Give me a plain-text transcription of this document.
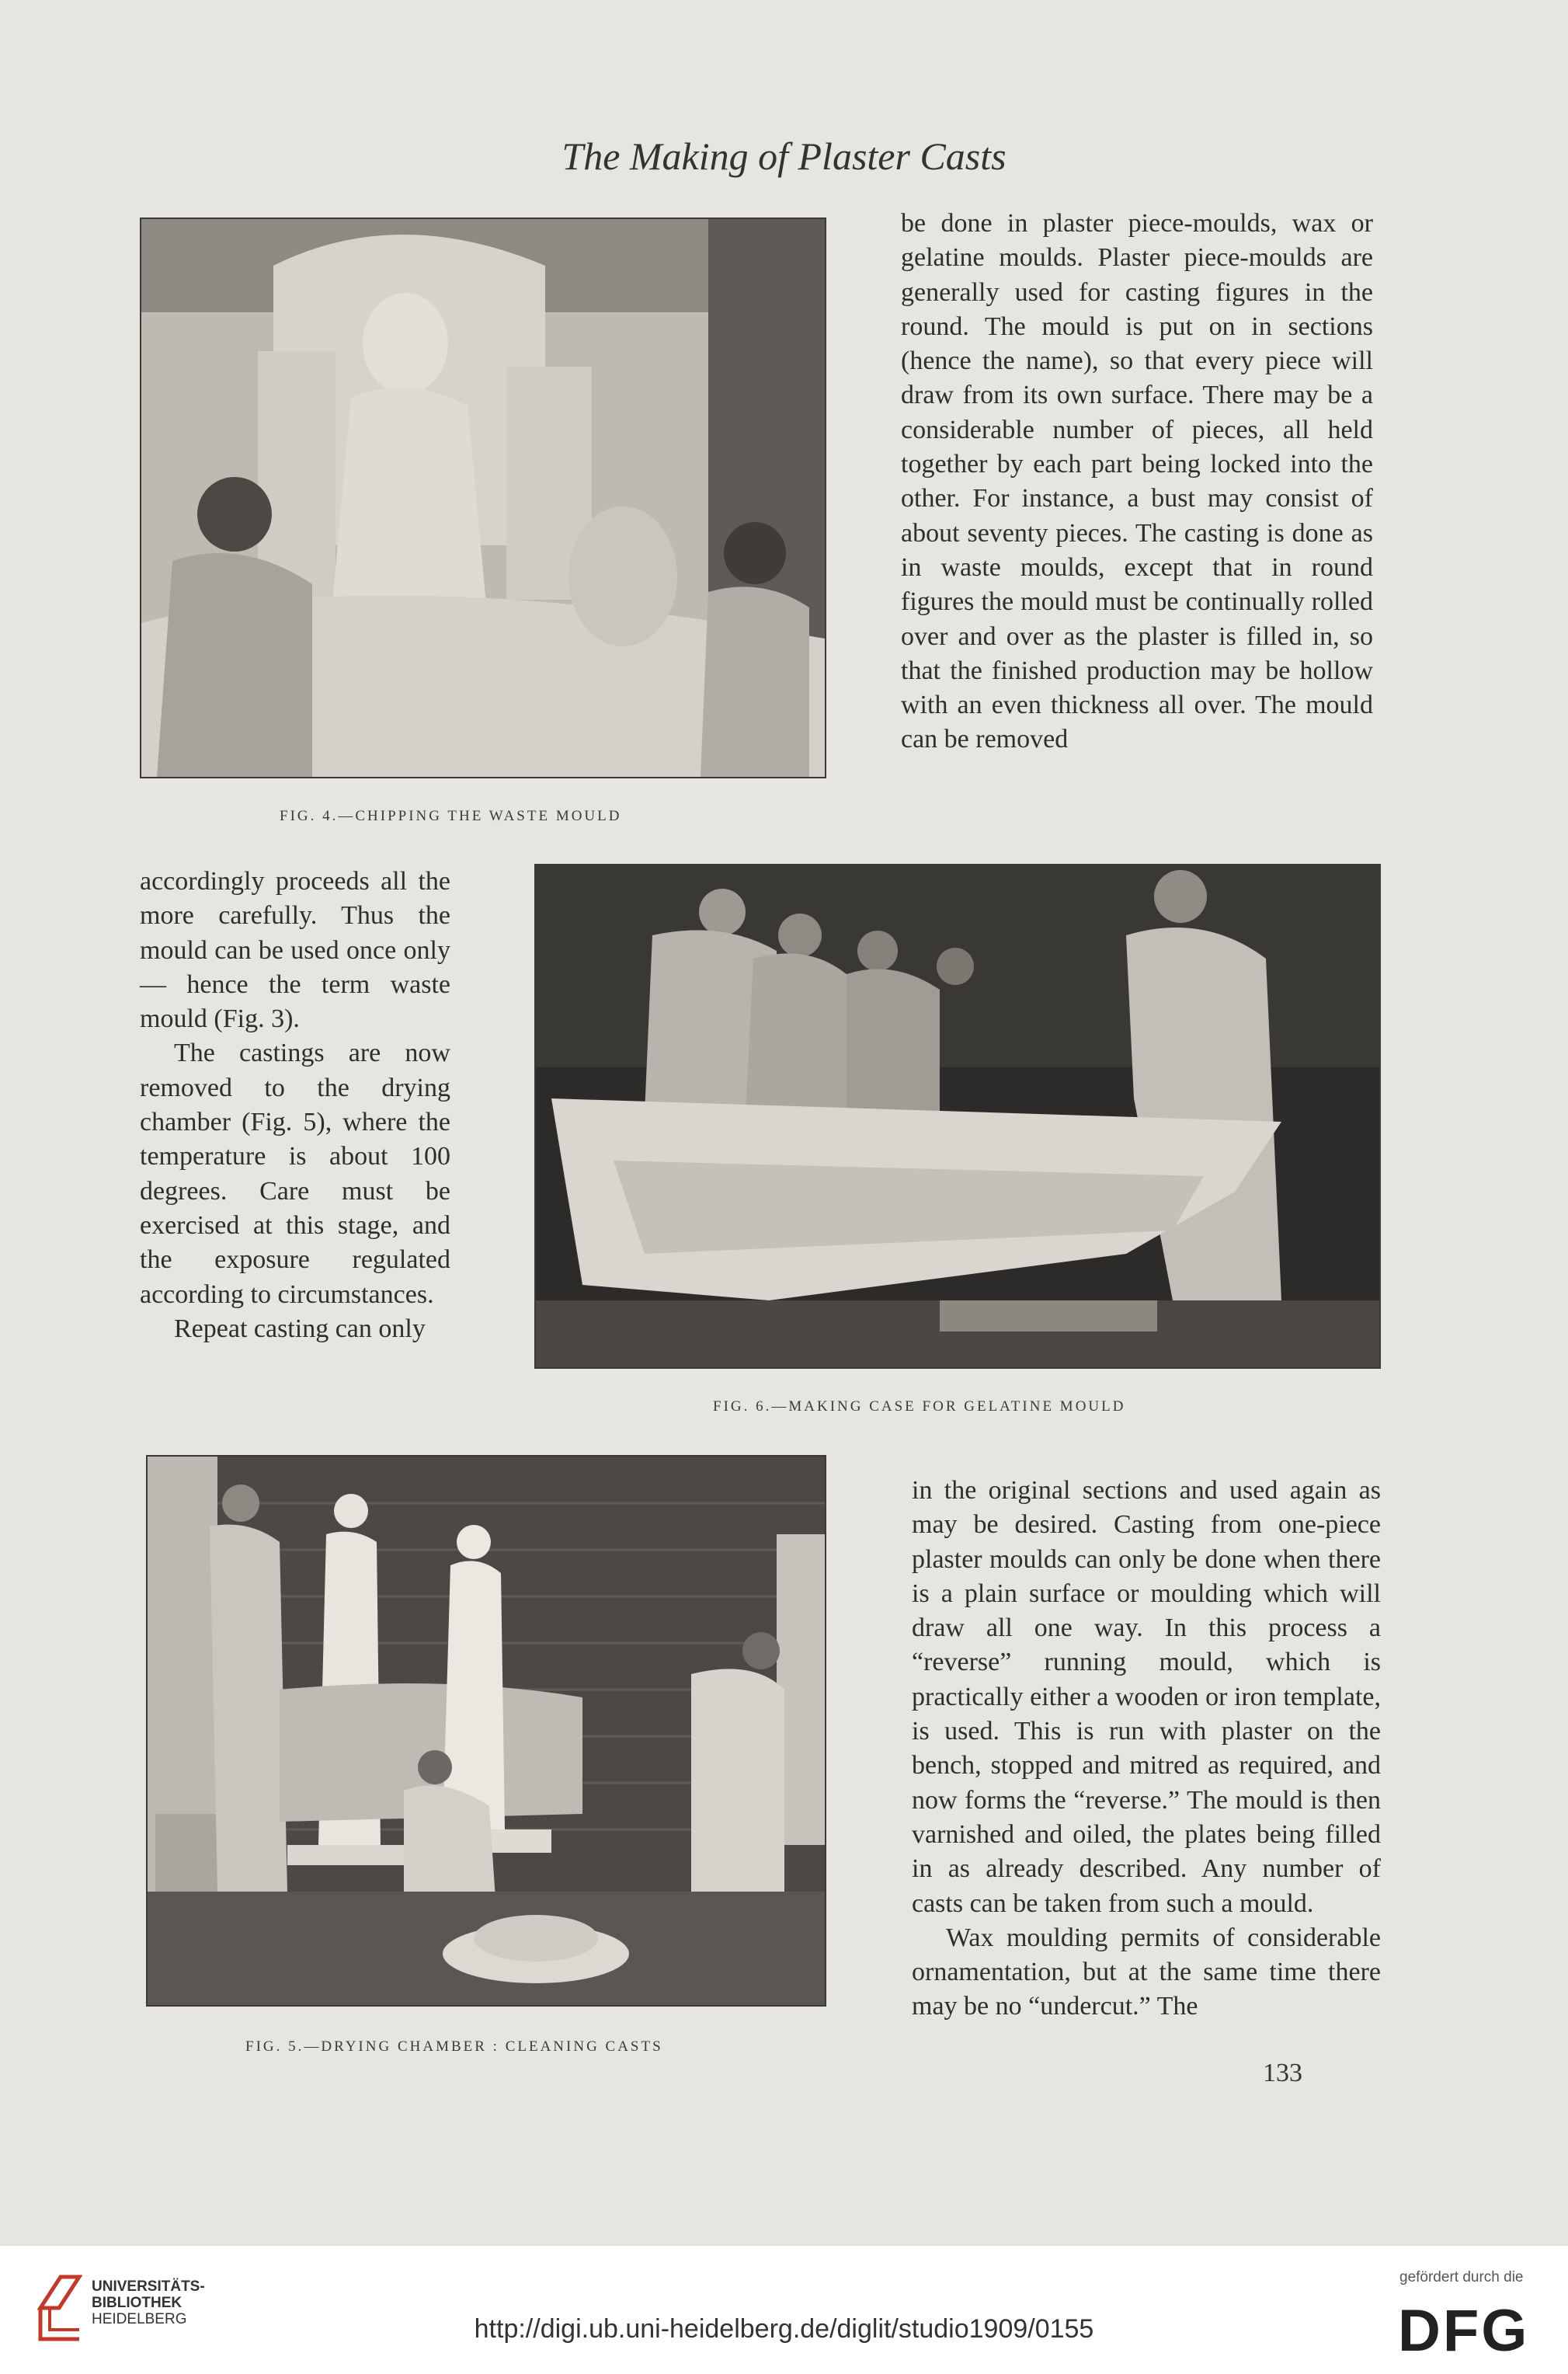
The Making of Plaster Casts
FIG. 4.—CHIPPING THE WASTE MOULD

be done in plaster piece-moulds, wax or gelatine moulds. Plaster piece-moulds are generally used for casting figures in the round. The mould is put on in sections (hence the name), so that every piece will draw from its own surface. There may be a considerable number of pieces, all held together by each part being locked into the other. For instance, a bust may consist of about seventy pieces. The casting is done as in waste moulds, except that in round figures the mould must be continually rolled over and over as the plaster is filled in, so that the finished production may be hollow with an even thickness all over. The mould can be removed

accordingly proceeds all the more carefully. Thus the mould can be used once only — hence the term waste mould (Fig. 3).

The castings are now removed to the drying chamber (Fig. 5), where the temperature is about 100 degrees. Care must be exercised at this stage, and the exposure regulated according to circumstances.

Repeat casting can only

FIG. 6.—MAKING CASE FOR GELATINE MOULD
FIG. 5.—DRYING CHAMBER : CLEANING CASTS

in the original sections and used again as may be desired. Casting from one-piece plaster moulds can only be done when there is a plain surface or moulding which will draw all one way. In this process a “reverse” running mould, which is practically either a wooden or iron template, is used. This is run with plaster on the bench, stopped and mitred as required, and now forms the “reverse.” The mould is then varnished and oiled, the plates being filled in as already described. Any number of casts can be taken from such a mould.

Wax moulding permits of considerable ornamentation, but at the same time there may be no “undercut.” The

133
UNIVERSITÄTS-
BIBLIOTHEK
HEIDELBERG	http://digi.ub.uni-heidelberg.de/diglit/studio1909/0155
gefördert durch die
DFG
